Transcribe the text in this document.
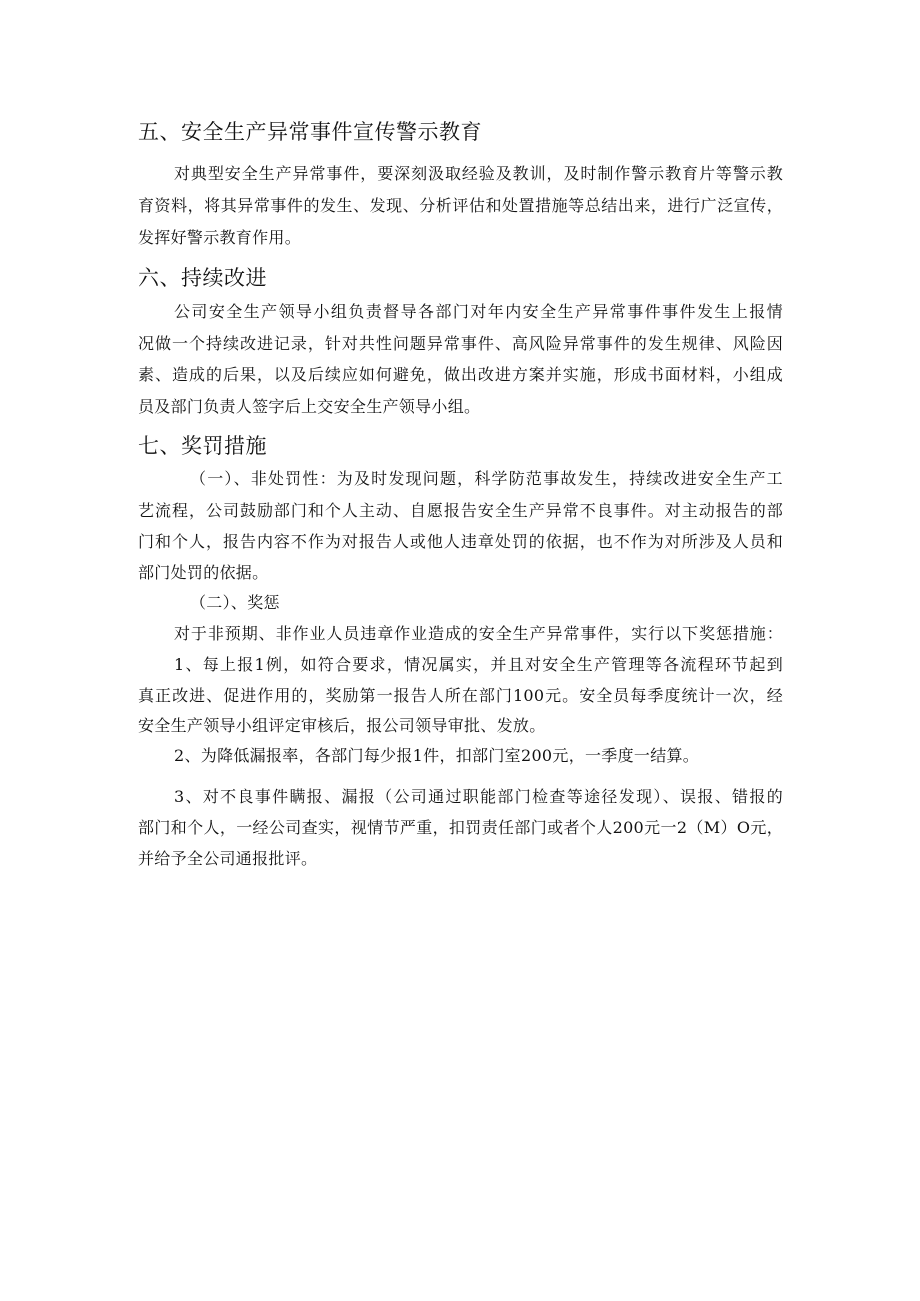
五、安全生产异常事件宣传警示教育
对典型安全生产异常事件，要深刻汲取经验及教训，及时制作警示教育片等警示教
育资料，将其异常事件的发生、发现、分析评估和处置措施等总结出来，进行广泛宣传，
发挥好警示教育作用。
六、持续改进
公司安全生产领导小组负责督导各部门对年内安全生产异常事件事件发生上报情
况做一个持续改进记录，针对共性问题异常事件、高风险异常事件的发生规律、风险因
素、造成的后果，以及后续应如何避免，做出改进方案并实施，形成书面材料，小组成
员及部门负责人签字后上交安全生产领导小组。
七、奖罚措施
（一）、非处罚性：为及时发现问题，科学防范事故发生，持续改进安全生产工
艺流程，公司鼓励部门和个人主动、自愿报告安全生产异常不良事件。对主动报告的部
门和个人，报告内容不作为对报告人或他人违章处罚的依据，也不作为对所涉及人员和
部门处罚的依据。
（二）、奖惩
对于非预期、非作业人员违章作业造成的安全生产异常事件，实行以下奖惩措施：
1、每上报1例，如符合要求，情况属实，并且对安全生产管理等各流程环节起到
真正改进、促进作用的，奖励第一报告人所在部门100元。安全员每季度统计一次，经
安全生产领导小组评定审核后，报公司领导审批、发放。
2、为降低漏报率，各部门每少报1件，扣部门室200元，一季度一结算。
3、对不良事件瞒报、漏报（公司通过职能部门检查等途径发现）、误报、错报的
部门和个人，一经公司查实，视情节严重，扣罚责任部门或者个人200元一2（M）O元，
并给予全公司通报批评。
